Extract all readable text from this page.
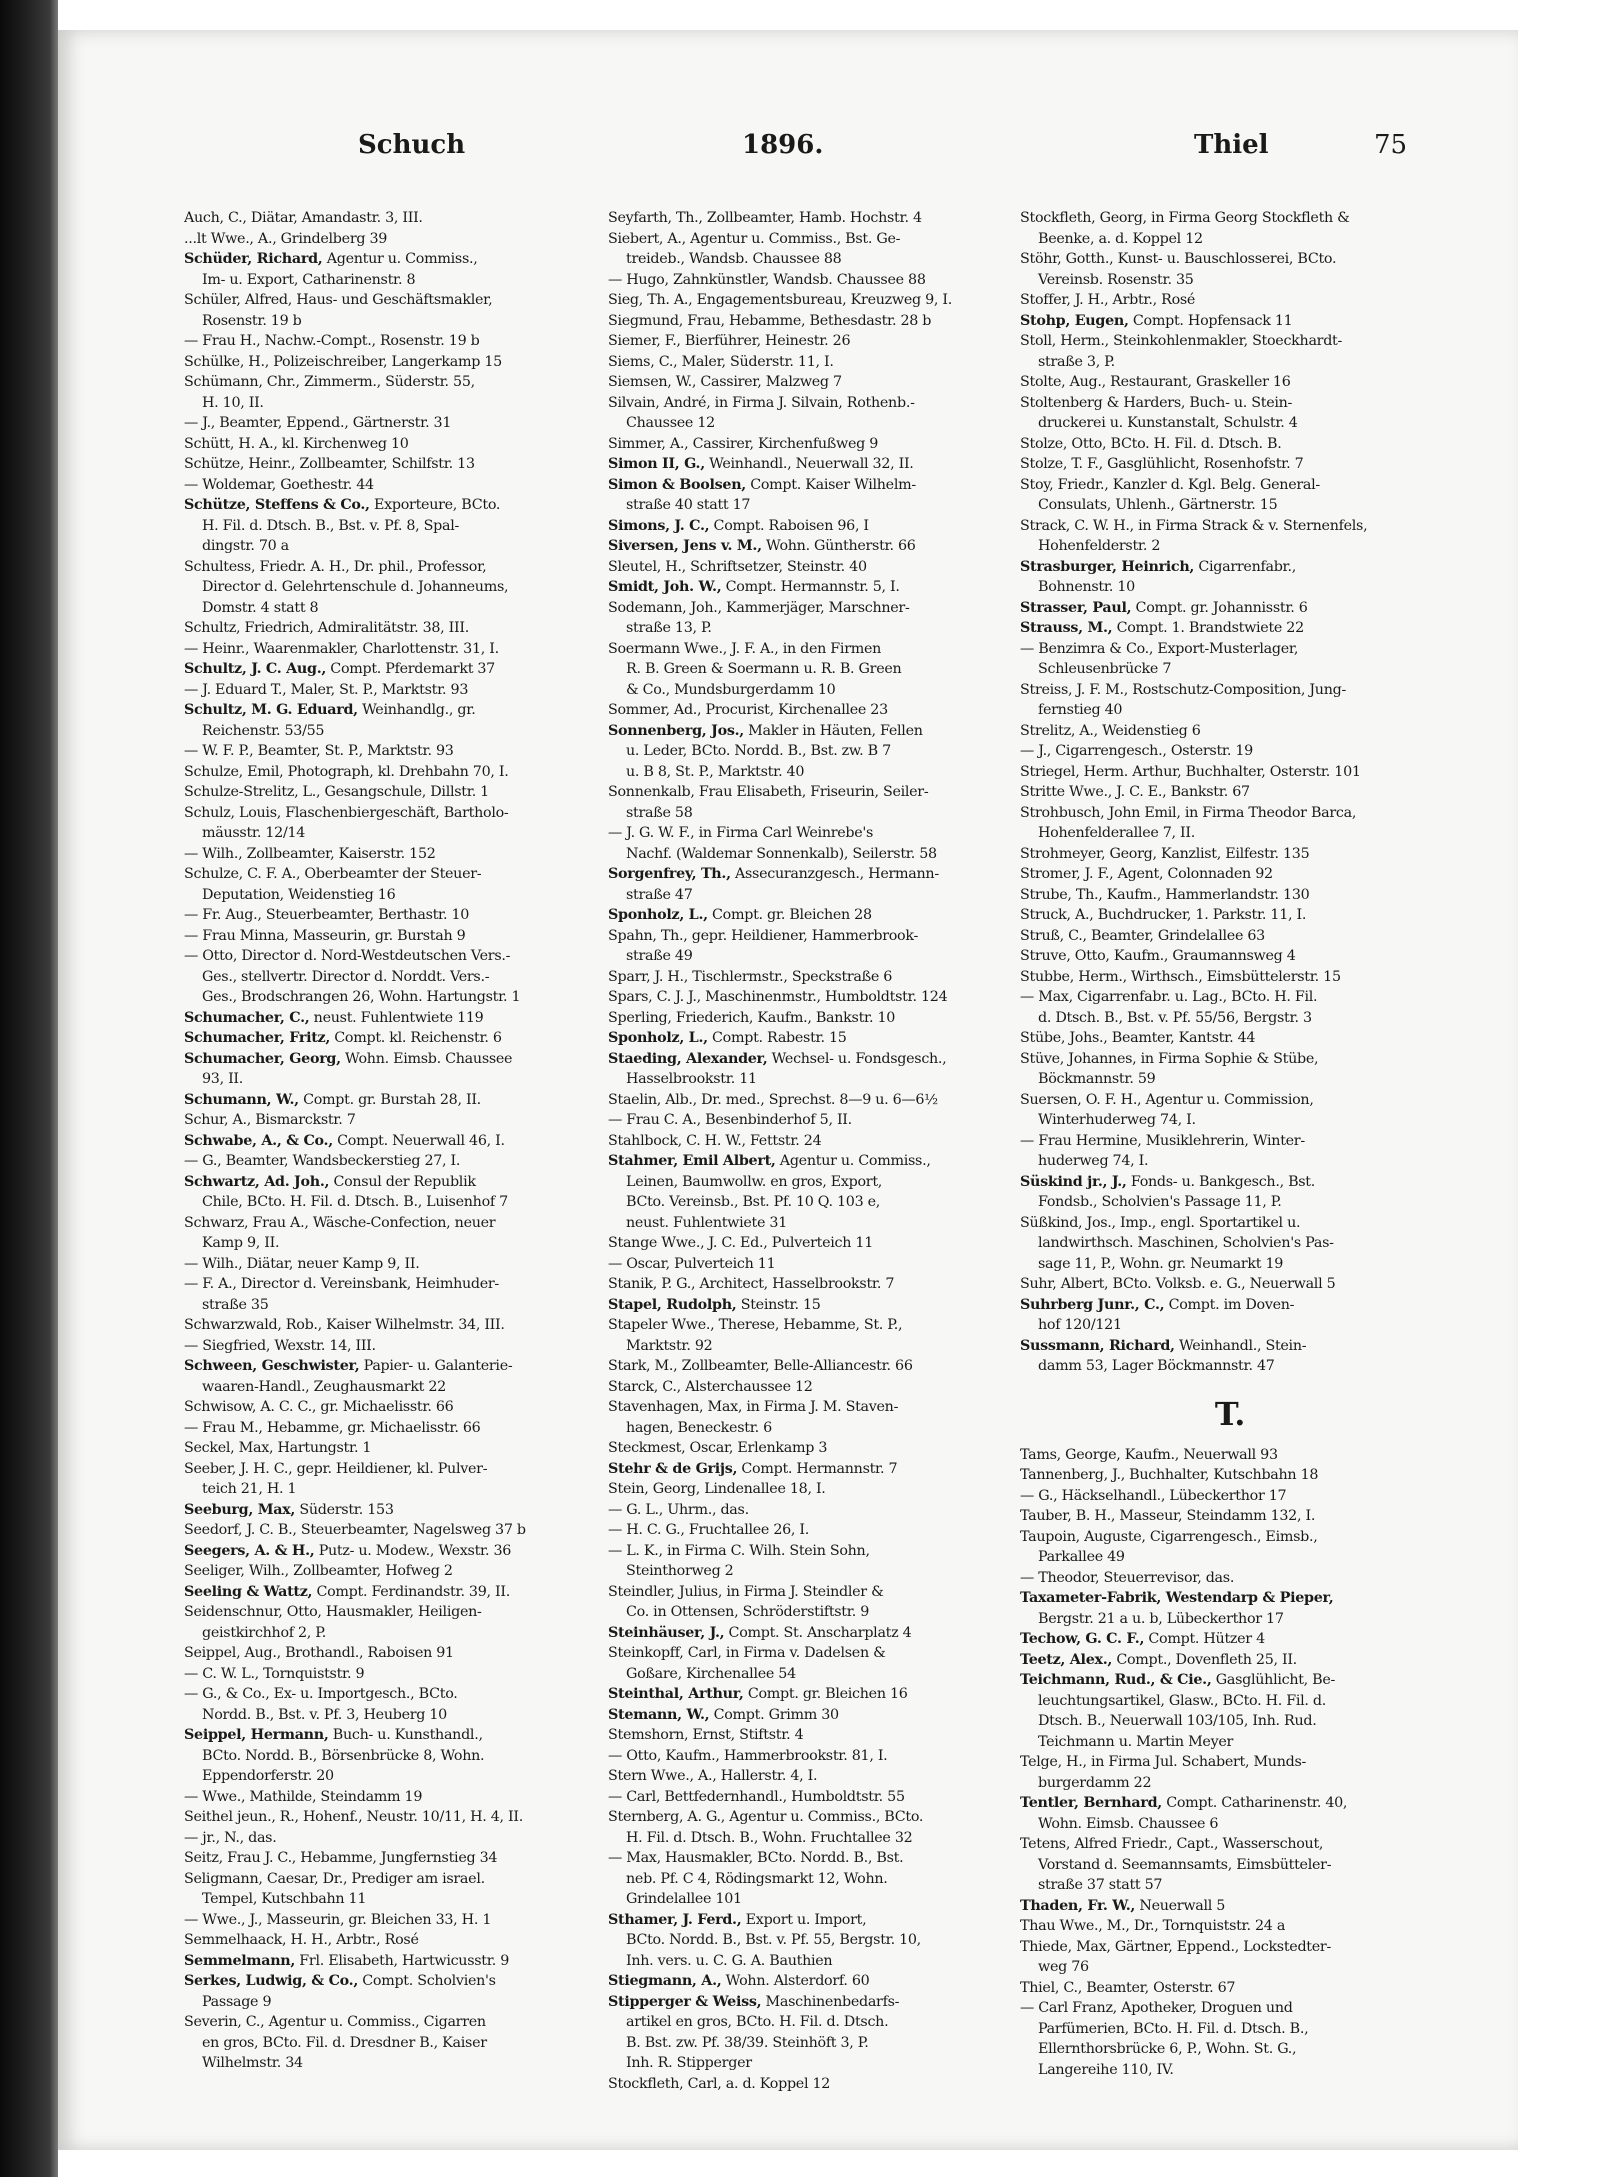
Schuch	1896.	Thiel	75
Auch, C., Diätar, Amandastr. 3, III.
...lt Wwe., A., Grindelberg 39
Schüder, Richard, Agentur u. Commiss.,
Im- u. Export, Catharinenstr. 8
Schüler, Alfred, Haus- und Geschäftsmakler,
Rosenstr. 19 b
— Frau H., Nachw.-Compt., Rosenstr. 19 b
Schülke, H., Polizeischreiber, Langerkamp 15
Schümann, Chr., Zimmerm., Süderstr. 55,
H. 10, II.
— J., Beamter, Eppend., Gärtnerstr. 31
Schütt, H. A., kl. Kirchenweg 10
Schütze, Heinr., Zollbeamter, Schilfstr. 13
— Woldemar, Goethestr. 44
Schütze, Steffens & Co., Exporteure, BCto.
H. Fil. d. Dtsch. B., Bst. v. Pf. 8, Spal-
dingstr. 70 a
Schultess, Friedr. A. H., Dr. phil., Professor,
Director d. Gelehrtenschule d. Johanneums,
Domstr. 4 statt 8
Schultz, Friedrich, Admiralitätstr. 38, III.
— Heinr., Waarenmakler, Charlottenstr. 31, I.
Schultz, J. C. Aug., Compt. Pferdemarkt 37
— J. Eduard T., Maler, St. P., Marktstr. 93
Schultz, M. G. Eduard, Weinhandlg., gr.
Reichenstr. 53/55
— W. F. P., Beamter, St. P., Marktstr. 93
Schulze, Emil, Photograph, kl. Drehbahn 70, I.
Schulze-Strelitz, L., Gesangschule, Dillstr. 1
Schulz, Louis, Flaschenbiergeschäft, Bartholo-
mäusstr. 12/14
— Wilh., Zollbeamter, Kaiserstr. 152
Schulze, C. F. A., Oberbeamter der Steuer-
Deputation, Weidenstieg 16
— Fr. Aug., Steuerbeamter, Berthastr. 10
— Frau Minna, Masseurin, gr. Burstah 9
— Otto, Director d. Nord-Westdeutschen Vers.-
Ges., stellvertr. Director d. Norddt. Vers.-
Ges., Brodschrangen 26, Wohn. Hartungstr. 1
Schumacher, C., neust. Fuhlentwiete 119
Schumacher, Fritz, Compt. kl. Reichenstr. 6
Schumacher, Georg, Wohn. Eimsb. Chaussee
93, II.
Schumann, W., Compt. gr. Burstah 28, II.
Schur, A., Bismarckstr. 7
Schwabe, A., & Co., Compt. Neuerwall 46, I.
— G., Beamter, Wandsbeckerstieg 27, I.
Schwartz, Ad. Joh., Consul der Republik
Chile, BCto. H. Fil. d. Dtsch. B., Luisenhof 7
Schwarz, Frau A., Wäsche-Confection, neuer
Kamp 9, II.
— Wilh., Diätar, neuer Kamp 9, II.
— F. A., Director d. Vereinsbank, Heimhuder-
straße 35
Schwarzwald, Rob., Kaiser Wilhelmstr. 34, III.
— Siegfried, Wexstr. 14, III.
Schween, Geschwister, Papier- u. Galanterie-
waaren-Handl., Zeughausmarkt 22
Schwisow, A. C. C., gr. Michaelisstr. 66
— Frau M., Hebamme, gr. Michaelisstr. 66
Seckel, Max, Hartungstr. 1
Seeber, J. H. C., gepr. Heildiener, kl. Pulver-
teich 21, H. 1
Seeburg, Max, Süderstr. 153
Seedorf, J. C. B., Steuerbeamter, Nagelsweg 37 b
Seegers, A. & H., Putz- u. Modew., Wexstr. 36
Seeliger, Wilh., Zollbeamter, Hofweg 2
Seeling & Wattz, Compt. Ferdinandstr. 39, II.
Seidenschnur, Otto, Hausmakler, Heiligen-
geistkirchhof 2, P.
Seippel, Aug., Brothandl., Raboisen 91
— C. W. L., Tornquiststr. 9
— G., & Co., Ex- u. Importgesch., BCto.
Nordd. B., Bst. v. Pf. 3, Heuberg 10
Seippel, Hermann, Buch- u. Kunsthandl.,
BCto. Nordd. B., Börsenbrücke 8, Wohn.
Eppendorferstr. 20
— Wwe., Mathilde, Steindamm 19
Seithel jeun., R., Hohenf., Neustr. 10/11, H. 4, II.
— jr., N., das.
Seitz, Frau J. C., Hebamme, Jungfernstieg 34
Seligmann, Caesar, Dr., Prediger am israel.
Tempel, Kutschbahn 11
— Wwe., J., Masseurin, gr. Bleichen 33, H. 1
Semmelhaack, H. H., Arbtr., Rosé
Semmelmann, Frl. Elisabeth, Hartwicusstr. 9
Serkes, Ludwig, & Co., Compt. Scholvien's
Passage 9
Severin, C., Agentur u. Commiss., Cigarren
en gros, BCto. Fil. d. Dresdner B., Kaiser
Wilhelmstr. 34
Seyfarth, Th., Zollbeamter, Hamb. Hochstr. 4
Siebert, A., Agentur u. Commiss., Bst. Ge-
treideb., Wandsb. Chaussee 88
— Hugo, Zahnkünstler, Wandsb. Chaussee 88
Sieg, Th. A., Engagementsbureau, Kreuzweg 9, I.
Siegmund, Frau, Hebamme, Bethesdastr. 28 b
Siemer, F., Bierführer, Heinestr. 26
Siems, C., Maler, Süderstr. 11, I.
Siemsen, W., Cassirer, Malzweg 7
Silvain, André, in Firma J. Silvain, Rothenb.-
Chaussee 12
Simmer, A., Cassirer, Kirchenfußweg 9
Simon II, G., Weinhandl., Neuerwall 32, II.
Simon & Boolsen, Compt. Kaiser Wilhelm-
straße 40 statt 17
Simons, J. C., Compt. Raboisen 96, I
Siversen, Jens v. M., Wohn. Güntherstr. 66
Sleutel, H., Schriftsetzer, Steinstr. 40
Smidt, Joh. W., Compt. Hermannstr. 5, I.
Sodemann, Joh., Kammerjäger, Marschner-
straße 13, P.
Soermann Wwe., J. F. A., in den Firmen
R. B. Green & Soermann u. R. B. Green
& Co., Mundsburgerdamm 10
Sommer, Ad., Procurist, Kirchenallee 23
Sonnenberg, Jos., Makler in Häuten, Fellen
u. Leder, BCto. Nordd. B., Bst. zw. B 7
u. B 8, St. P., Marktstr. 40
Sonnenkalb, Frau Elisabeth, Friseurin, Seiler-
straße 58
— J. G. W. F., in Firma Carl Weinrebe's
Nachf. (Waldemar Sonnenkalb), Seilerstr. 58
Sorgenfrey, Th., Assecuranzgesch., Hermann-
straße 47
Sponholz, L., Compt. gr. Bleichen 28
Spahn, Th., gepr. Heildiener, Hammerbrook-
straße 49
Sparr, J. H., Tischlermstr., Speckstraße 6
Spars, C. J. J., Maschinenmstr., Humboldtstr. 124
Sperling, Friederich, Kaufm., Bankstr. 10
Sponholz, L., Compt. Rabestr. 15
Staeding, Alexander, Wechsel- u. Fondsgesch.,
Hasselbrookstr. 11
Staelin, Alb., Dr. med., Sprechst. 8—9 u. 6—6½
— Frau C. A., Besenbinderhof 5, II.
Stahlbock, C. H. W., Fettstr. 24
Stahmer, Emil Albert, Agentur u. Commiss.,
Leinen, Baumwollw. en gros, Export,
BCto. Vereinsb., Bst. Pf. 10 Q. 103 e,
neust. Fuhlentwiete 31
Stange Wwe., J. C. Ed., Pulverteich 11
— Oscar, Pulverteich 11
Stanik, P. G., Architect, Hasselbrookstr. 7
Stapel, Rudolph, Steinstr. 15
Stapeler Wwe., Therese, Hebamme, St. P.,
Marktstr. 92
Stark, M., Zollbeamter, Belle-Alliancestr. 66
Starck, C., Alsterchaussee 12
Stavenhagen, Max, in Firma J. M. Staven-
hagen, Beneckestr. 6
Steckmest, Oscar, Erlenkamp 3
Stehr & de Grijs, Compt. Hermannstr. 7
Stein, Georg, Lindenallee 18, I.
— G. L., Uhrm., das.
— H. C. G., Fruchtallee 26, I.
— L. K., in Firma C. Wilh. Stein Sohn,
Steinthorweg 2
Steindler, Julius, in Firma J. Steindler &
Co. in Ottensen, Schröderstiftstr. 9
Steinhäuser, J., Compt. St. Anscharplatz 4
Steinkopff, Carl, in Firma v. Dadelsen &
Goßare, Kirchenallee 54
Steinthal, Arthur, Compt. gr. Bleichen 16
Stemann, W., Compt. Grimm 30
Stemshorn, Ernst, Stiftstr. 4
— Otto, Kaufm., Hammerbrookstr. 81, I.
Stern Wwe., A., Hallerstr. 4, I.
— Carl, Bettfedernhandl., Humboldtstr. 55
Sternberg, A. G., Agentur u. Commiss., BCto.
H. Fil. d. Dtsch. B., Wohn. Fruchtallee 32
— Max, Hausmakler, BCto. Nordd. B., Bst.
neb. Pf. C 4, Rödingsmarkt 12, Wohn.
Grindelallee 101
Sthamer, J. Ferd., Export u. Import,
BCto. Nordd. B., Bst. v. Pf. 55, Bergstr. 10,
Inh. vers. u. C. G. A. Bauthien
Stiegmann, A., Wohn. Alsterdorf. 60
Stipperger & Weiss, Maschinenbedarfs-
artikel en gros, BCto. H. Fil. d. Dtsch.
B. Bst. zw. Pf. 38/39. Steinhöft 3, P.
Inh. R. Stipperger
Stockfleth, Carl, a. d. Koppel 12
Stockfleth, Georg, in Firma Georg Stockfleth &
Beenke, a. d. Koppel 12
Stöhr, Gotth., Kunst- u. Bauschlosserei, BCto.
Vereinsb. Rosenstr. 35
Stoffer, J. H., Arbtr., Rosé
Stohp, Eugen, Compt. Hopfensack 11
Stoll, Herm., Steinkohlenmakler, Stoeckhardt-
straße 3, P.
Stolte, Aug., Restaurant, Graskeller 16
Stoltenberg & Harders, Buch- u. Stein-
druckerei u. Kunstanstalt, Schulstr. 4
Stolze, Otto, BCto. H. Fil. d. Dtsch. B.
Stolze, T. F., Gasglühlicht, Rosenhofstr. 7
Stoy, Friedr., Kanzler d. Kgl. Belg. General-
Consulats, Uhlenh., Gärtnerstr. 15
Strack, C. W. H., in Firma Strack & v. Sternenfels,
Hohenfelderstr. 2
Strasburger, Heinrich, Cigarrenfabr.,
Bohnenstr. 10
Strasser, Paul, Compt. gr. Johannisstr. 6
Strauss, M., Compt. 1. Brandstwiete 22
— Benzimra & Co., Export-Musterlager,
Schleusenbrücke 7
Streiss, J. F. M., Rostschutz-Composition, Jung-
fernstieg 40
Strelitz, A., Weidenstieg 6
— J., Cigarrengesch., Osterstr. 19
Striegel, Herm. Arthur, Buchhalter, Osterstr. 101
Stritte Wwe., J. C. E., Bankstr. 67
Strohbusch, John Emil, in Firma Theodor Barca,
Hohenfelderallee 7, II.
Strohmeyer, Georg, Kanzlist, Eilfestr. 135
Stromer, J. F., Agent, Colonnaden 92
Strube, Th., Kaufm., Hammerlandstr. 130
Struck, A., Buchdrucker, 1. Parkstr. 11, I.
Struß, C., Beamter, Grindelallee 63
Struve, Otto, Kaufm., Graumannsweg 4
Stubbe, Herm., Wirthsch., Eimsbüttelerstr. 15
— Max, Cigarrenfabr. u. Lag., BCto. H. Fil.
d. Dtsch. B., Bst. v. Pf. 55/56, Bergstr. 3
Stübe, Johs., Beamter, Kantstr. 44
Stüve, Johannes, in Firma Sophie & Stübe,
Böckmannstr. 59
Suersen, O. F. H., Agentur u. Commission,
Winterhuderweg 74, I.
— Frau Hermine, Musiklehrerin, Winter-
huderweg 74, I.
Süskind jr., J., Fonds- u. Bankgesch., Bst.
Fondsb., Scholvien's Passage 11, P.
Süßkind, Jos., Imp., engl. Sportartikel u.
landwirthsch. Maschinen, Scholvien's Pas-
sage 11, P., Wohn. gr. Neumarkt 19
Suhr, Albert, BCto. Volksb. e. G., Neuerwall 5
Suhrberg Junr., C., Compt. im Doven-
hof 120/121
Sussmann, Richard, Weinhandl., Stein-
damm 53, Lager Böckmannstr. 47
T.
Tams, George, Kaufm., Neuerwall 93
Tannenberg, J., Buchhalter, Kutschbahn 18
— G., Häckselhandl., Lübeckerthor 17
Tauber, B. H., Masseur, Steindamm 132, I.
Taupoin, Auguste, Cigarrengesch., Eimsb.,
Parkallee 49
— Theodor, Steuerrevisor, das.
Taxameter-Fabrik, Westendarp & Pieper,
Bergstr. 21 a u. b, Lübeckerthor 17
Techow, G. C. F., Compt. Hützer 4
Teetz, Alex., Compt., Dovenfleth 25, II.
Teichmann, Rud., & Cie., Gasglühlicht, Be-
leuchtungsartikel, Glasw., BCto. H. Fil. d.
Dtsch. B., Neuerwall 103/105, Inh. Rud.
Teichmann u. Martin Meyer
Telge, H., in Firma Jul. Schabert, Munds-
burgerdamm 22
Tentler, Bernhard, Compt. Catharinenstr. 40,
Wohn. Eimsb. Chaussee 6
Tetens, Alfred Friedr., Capt., Wasserschout,
Vorstand d. Seemannsamts, Eimsbütteler-
straße 37 statt 57
Thaden, Fr. W., Neuerwall 5
Thau Wwe., M., Dr., Tornquiststr. 24 a
Thiede, Max, Gärtner, Eppend., Lockstedter-
weg 76
Thiel, C., Beamter, Osterstr. 67
— Carl Franz, Apotheker, Droguen und
Parfümerien, BCto. H. Fil. d. Dtsch. B.,
Ellernthorsbrücke 6, P., Wohn. St. G.,
Langereihe 110, IV.
